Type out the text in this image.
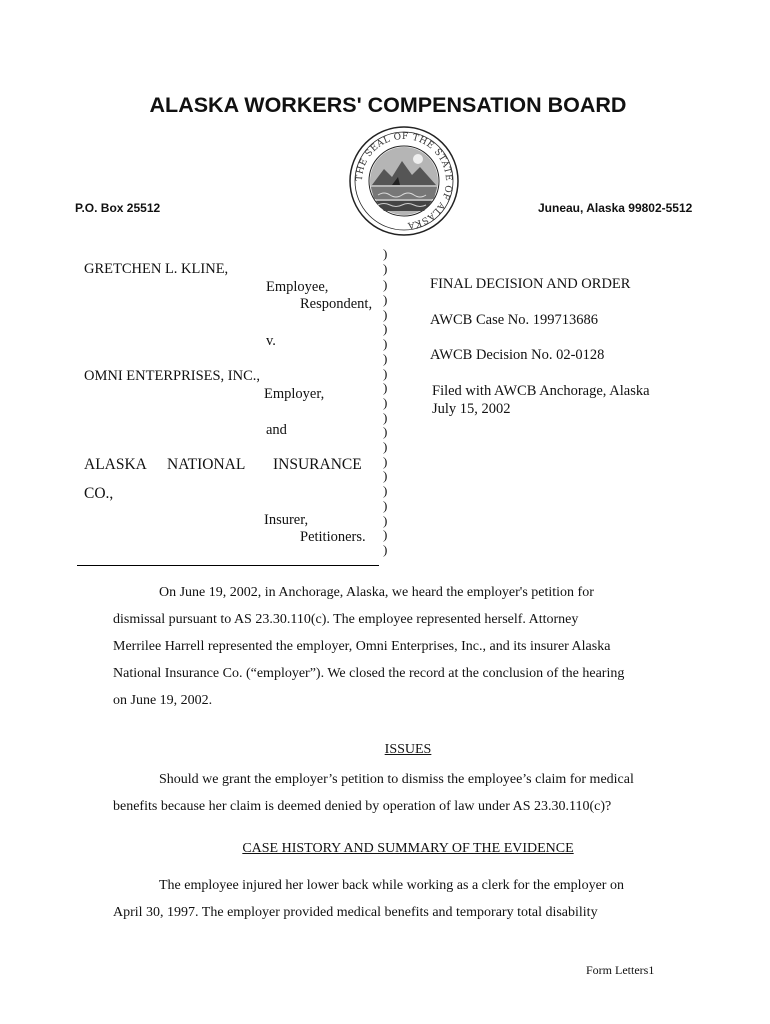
ALASKA WORKERS' COMPENSATION BOARD
THE SEAL OF THE STATE OF ALASKA
P.O. Box 25512	Juneau, Alaska 99802-5512
GRETCHEN L. KLINE,
Employee,
Respondent,
v.
OMNI ENTERPRISES, INC.,
Employer,
and
ALASKA NATIONAL INSURANCE
CO.,
Insurer,
Petitioners.
)
)
)
)
)
)
)
)
)
)
)
)
)
)
)
)
)
)
)
)
)
FINAL DECISION AND ORDER
AWCB Case No. 199713686
AWCB Decision No. 02-0128
Filed with AWCB Anchorage, Alaska
July 15, 2002
On June 19, 2002, in Anchorage, Alaska, we heard the employer's petition for
dismissal pursuant to AS 23.30.110(c). The employee represented herself. Attorney
Merrilee Harrell represented the employer, Omni Enterprises, Inc., and its insurer Alaska
National Insurance Co. (“employer”). We closed the record at the conclusion of the hearing
on June 19, 2002.
ISSUES
Should we grant the employer’s petition to dismiss the employee’s claim for medical
benefits because her claim is deemed denied by operation of law under AS 23.30.110(c)?
CASE HISTORY AND SUMMARY OF THE EVIDENCE
The employee injured her lower back while working as a clerk for the employer on
April 30, 1997. The employer provided medical benefits and temporary total disability
Form Letters1
